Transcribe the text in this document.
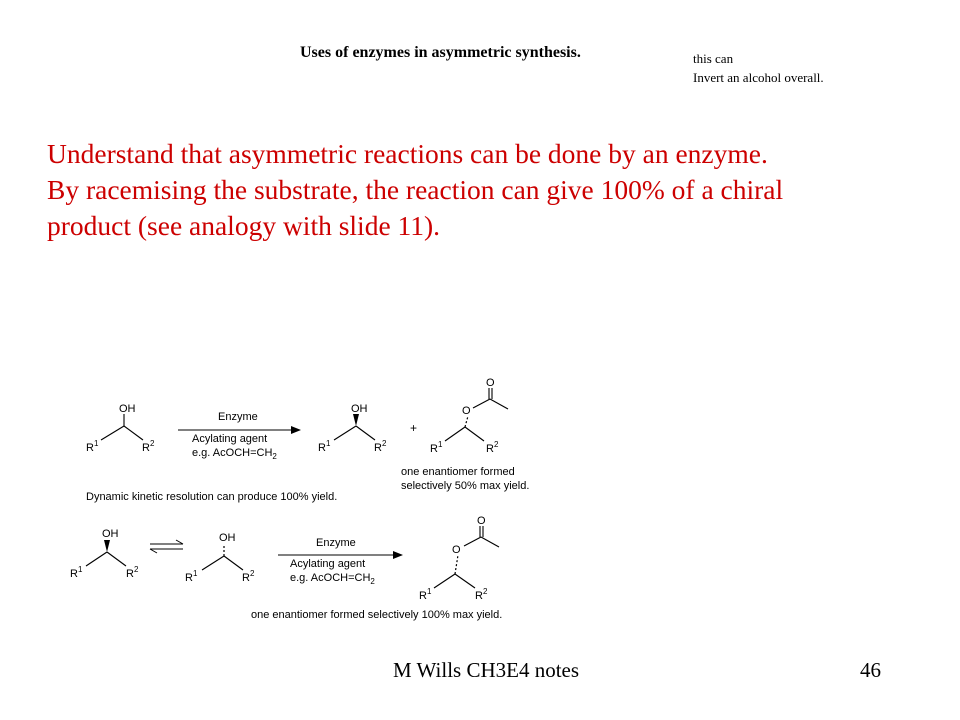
Uses of enzymes in asymmetric synthesis.	this can
Invert an alcohol overall.
Understand that asymmetric reactions can be done by an enzyme.
By racemising the substrate, the reaction can give 100% of a chiral
product (see analogy with slide 11).
OH
R 1	R 2
Enzyme
Acylating agent
e.g. $AcOCH=CH_2$
OH
R 1	R 2
+
O
O
R 1	R 2
one enantiomer formed
selectively 50% max yield.
Dynamic kinetic resolution can produce 100% yield.
OH
R 1	R 2
OH
R 1	R 2
Enzyme
Acylating agent
e.g. $AcOCH=CH_2$
O
O
R 1	R 2
one enantiomer formed selectively 100% max yield.
M Wills CH3E4 notes	46
